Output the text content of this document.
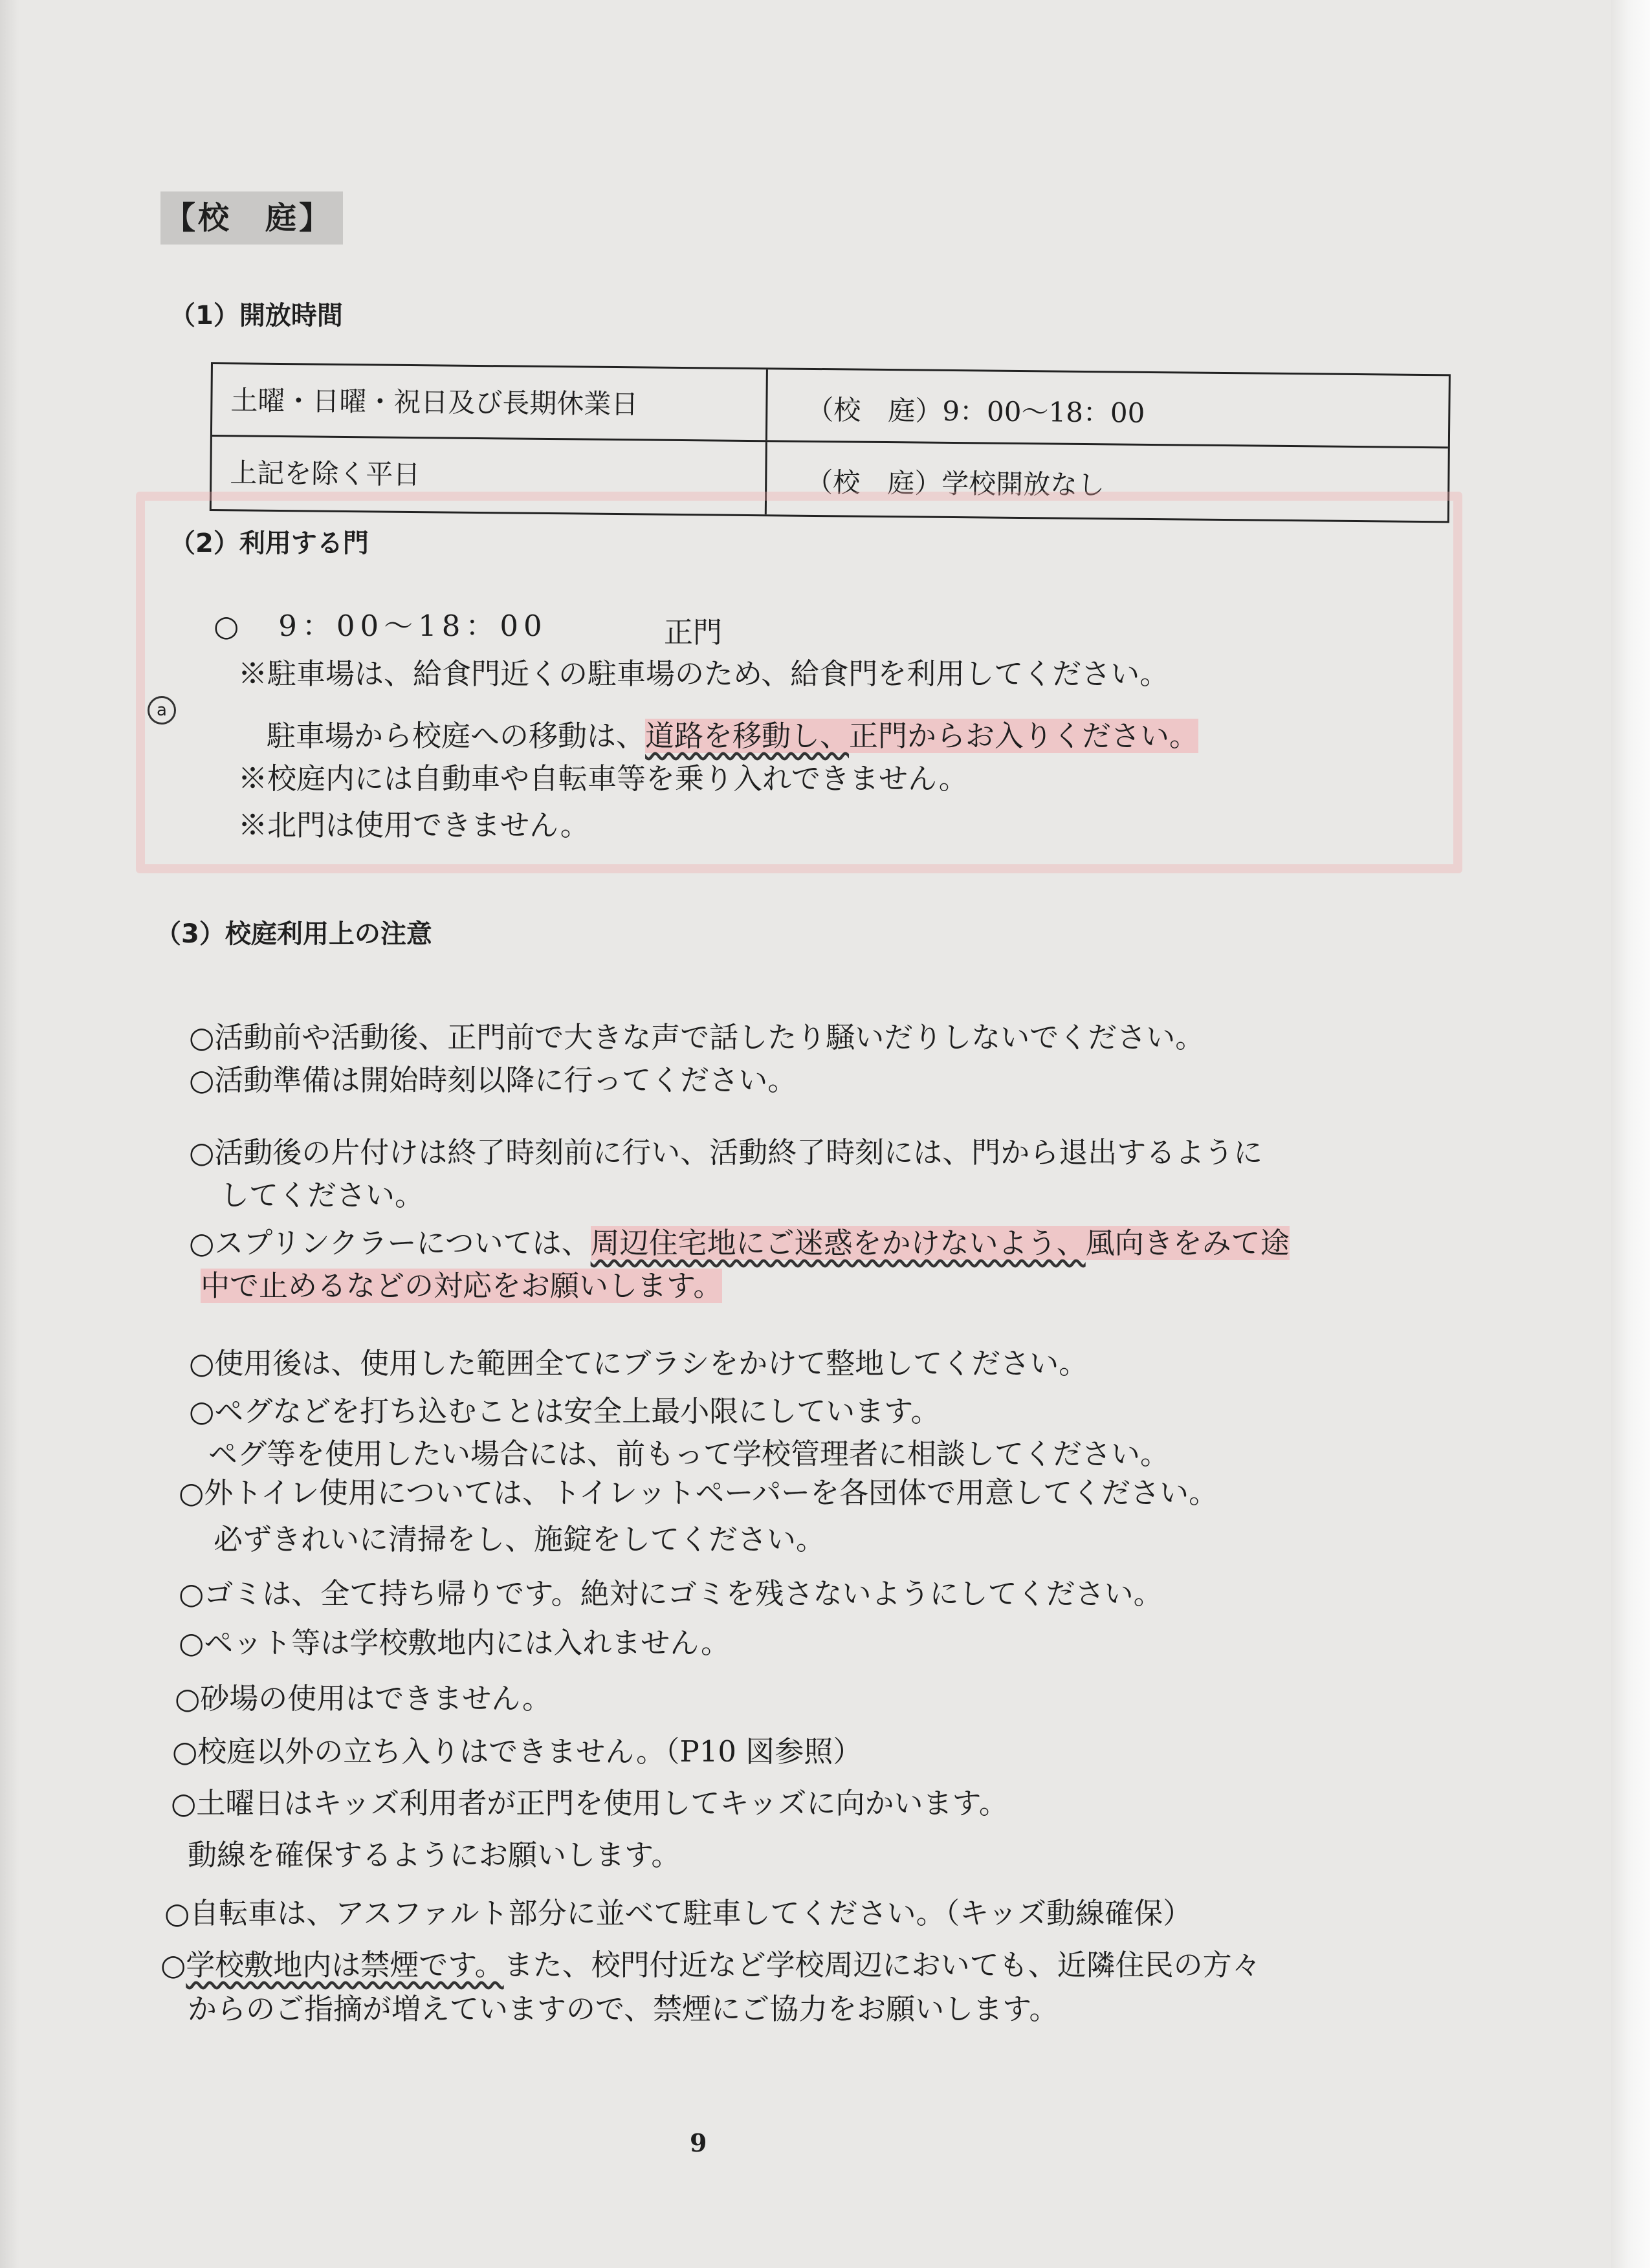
【校　庭】
（1）開放時間
土曜・日曜・祝日及び長期休業日	（校　庭）9：00〜18：00
上記を除く平日	（校　庭）学校開放なし
（2）利用する門
○　9：00〜18：00	正門
※駐車場は、給食門近くの駐車場のため、給食門を利用してください。
a
駐車場から校庭への移動は、道路を移動し、正門からお入りください。
※校庭内には自動車や自転車等を乗り入れできません。
※北門は使用できません。
（3）校庭利用上の注意
○活動前や活動後、正門前で大きな声で話したり騒いだりしないでください。
○活動準備は開始時刻以降に行ってください。
○活動後の片付けは終了時刻前に行い、活動終了時刻には、門から退出するように
してください。
○スプリンクラーについては、周辺住宅地にご迷惑をかけないよう、風向きをみて途
中で止めるなどの対応をお願いします。
○使用後は、使用した範囲全てにブラシをかけて整地してください。
○ペグなどを打ち込むことは安全上最小限にしています。
ペグ等を使用したい場合には、前もって学校管理者に相談してください。
○外トイレ使用については、トイレットペーパーを各団体で用意してください。
必ずきれいに清掃をし、施錠をしてください。
○ゴミは、全て持ち帰りです。絶対にゴミを残さないようにしてください。
○ペット等は学校敷地内には入れません。
○砂場の使用はできません。
○校庭以外の立ち入りはできません。（P10 図参照）
○土曜日はキッズ利用者が正門を使用してキッズに向かいます。
動線を確保するようにお願いします。
○自転車は、アスファルト部分に並べて駐車してください。（キッズ動線確保）
○学校敷地内は禁煙です。また、校門付近など学校周辺においても、近隣住民の方々
からのご指摘が増えていますので、禁煙にご協力をお願いします。
9
